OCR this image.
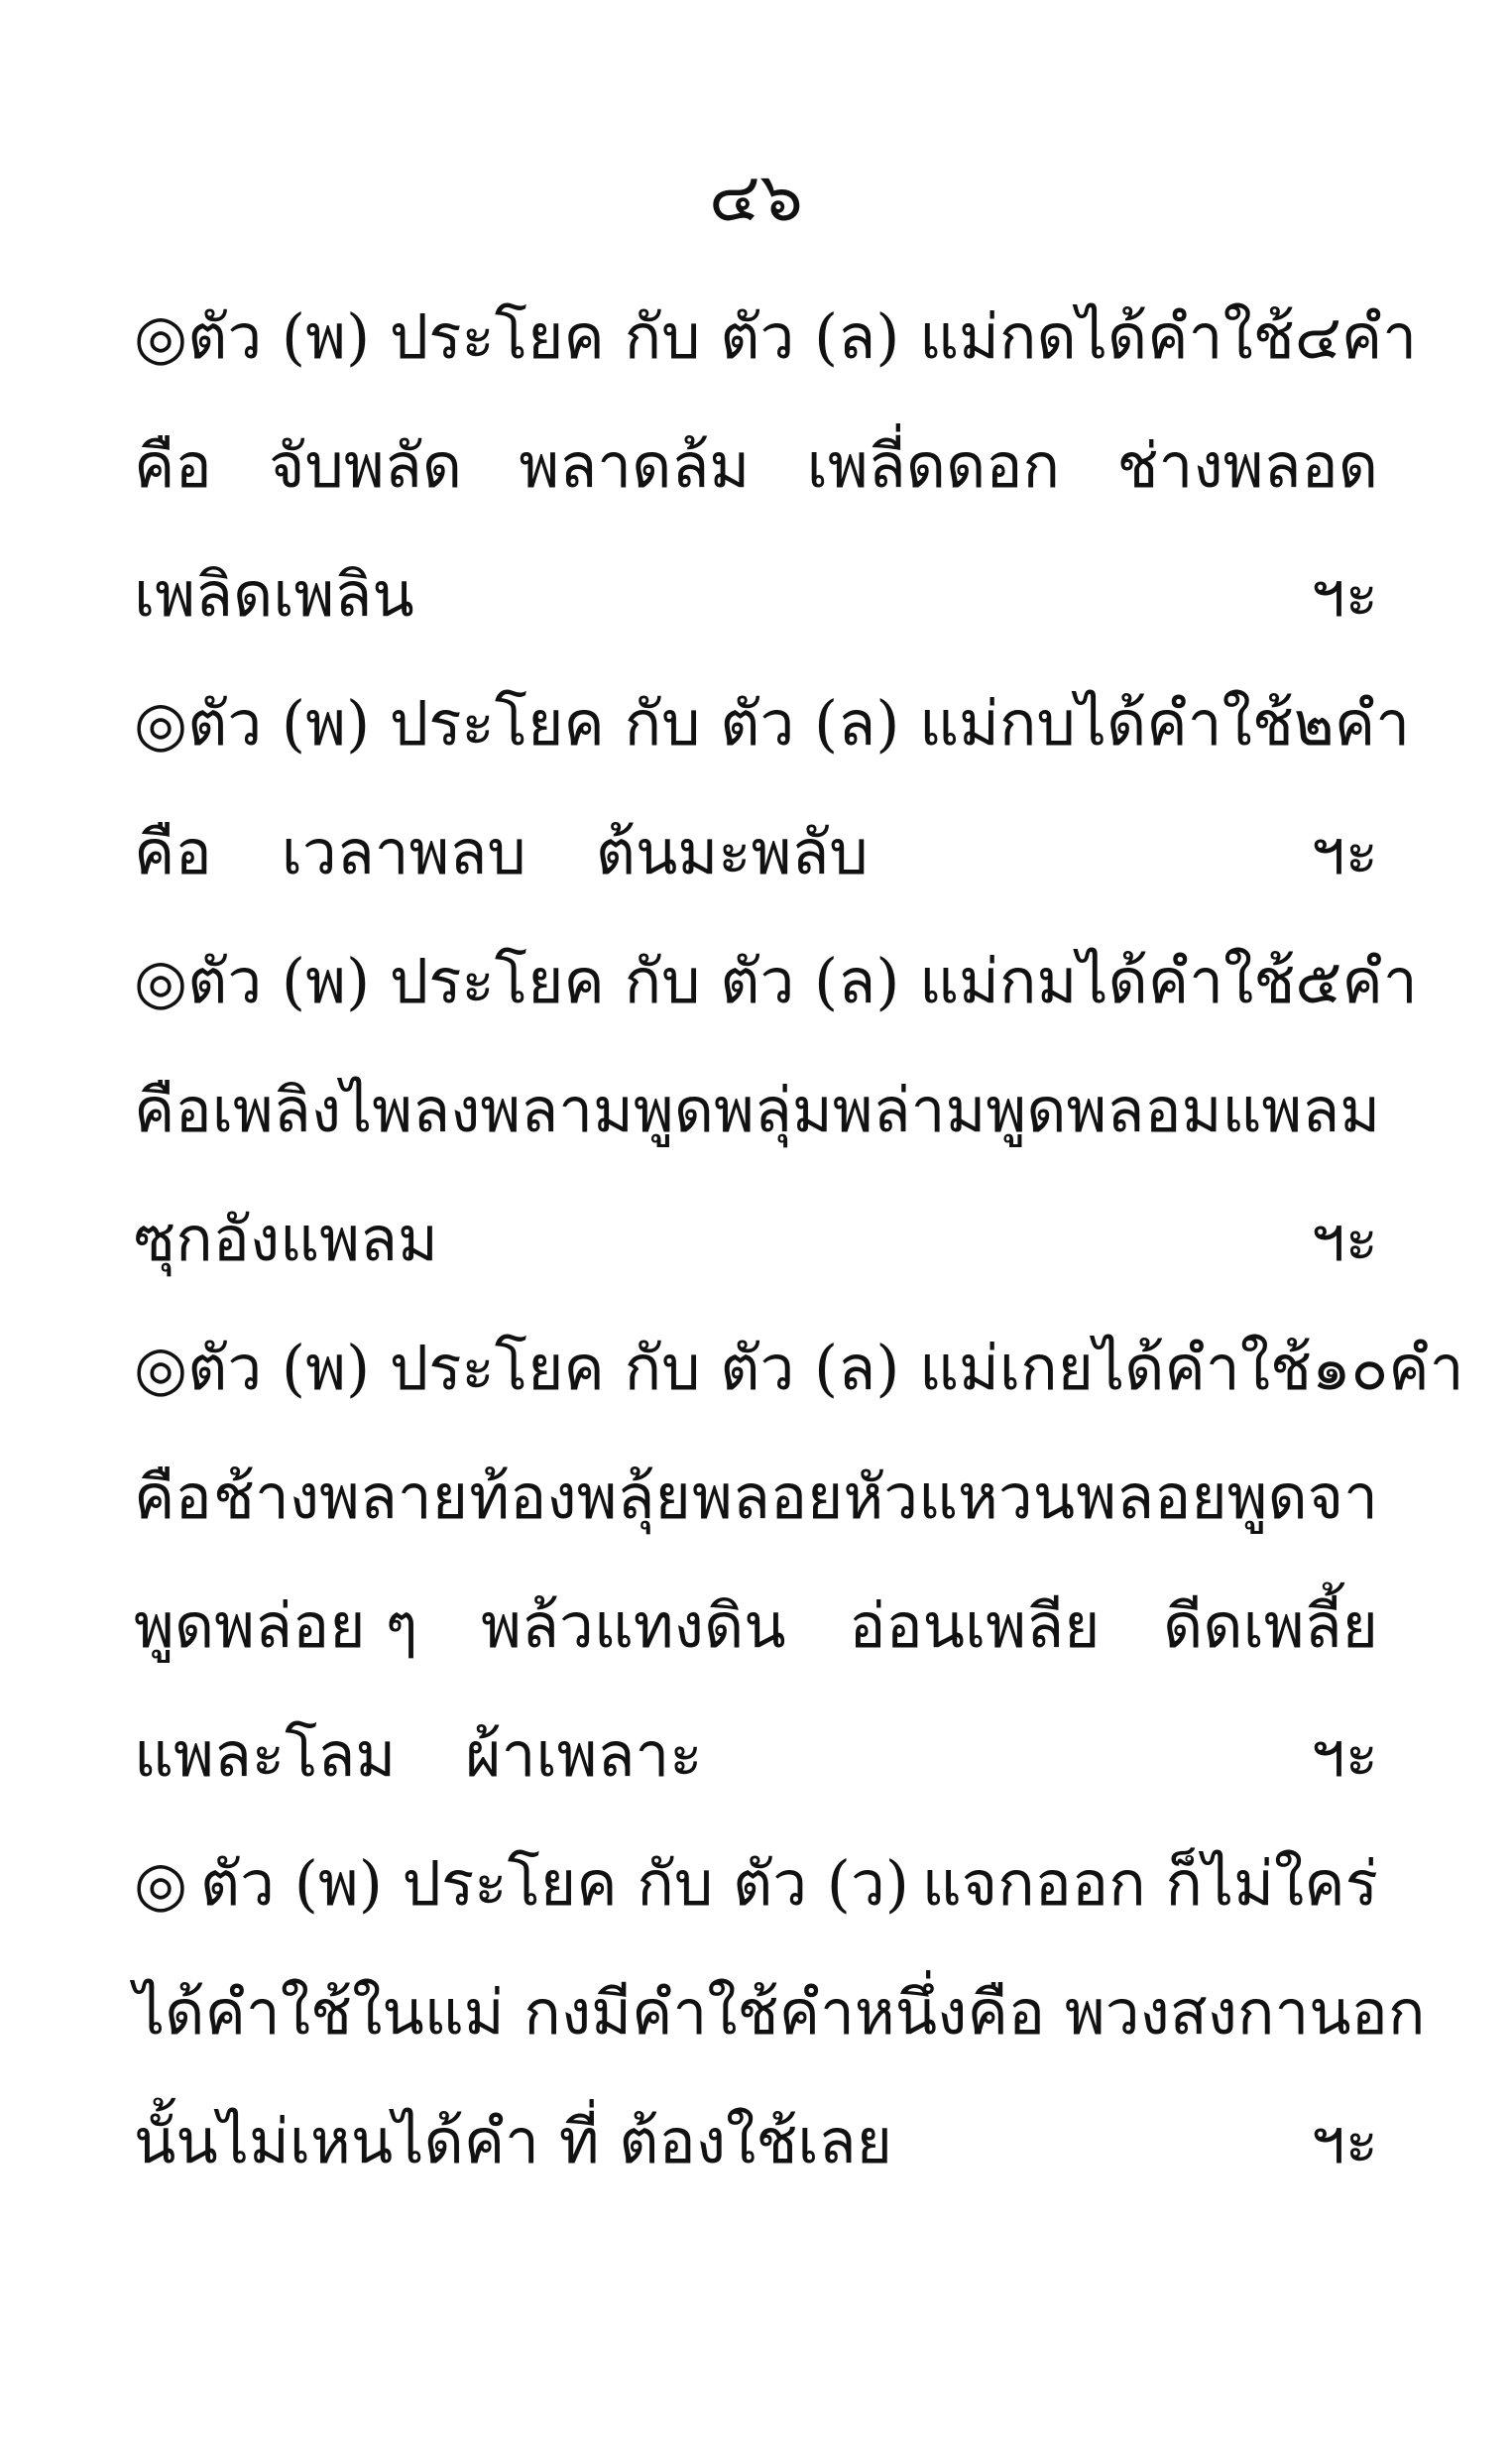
๔๖
◎ ตัว (พ) ประโยค กับ ตัว (ล) แม่กดได้คำใช้ ๔ คำ
คือ จับพลัด พลาดล้ม เพลี่ดดอก ช่างพลอด
เพลิดเพลิน	ฯะ
◎ ตัว (พ) ประโยค กับ ตัว (ล) แม่กบได้คำใช้ ๒ คำ
คือ เวลาพลบ ต้นมะพลับ	ฯะ
◎ ตัว (พ) ประโยค กับ ตัว (ล) แม่กมได้คำใช้ ๕ คำ
คือ เพลิงไพลงพลาม พูดพลุ่มพล่าม พูดพลอมแพลม
ซุกอังแพลม	ฯะ
◎ ตัว (พ) ประโยค กับ ตัว (ล) แม่เกยได้คำใช้ ๑๐ คำ
คือ ช้างพลาย ท้องพลุ้ย พลอยหัวแหวน พลอยพูดจา
พูดพล่อย ๆ พล้วแทงดิน อ่อนเพลีย ดีดเพลี้ย
แพละโลม ผ้าเพลาะ	ฯะ
◎ ตัว (พ) ประโยค กับ ตัว (ว) แจกออก ก็ไม่ใคร่
ได้คำใช้ ในแม่ กงมีคำใช้คำหนึ่ง คือ พวงสงกานอก
นั้นไม่เหนได้คำ ที่ ต้องใช้เลย	ฯะ
